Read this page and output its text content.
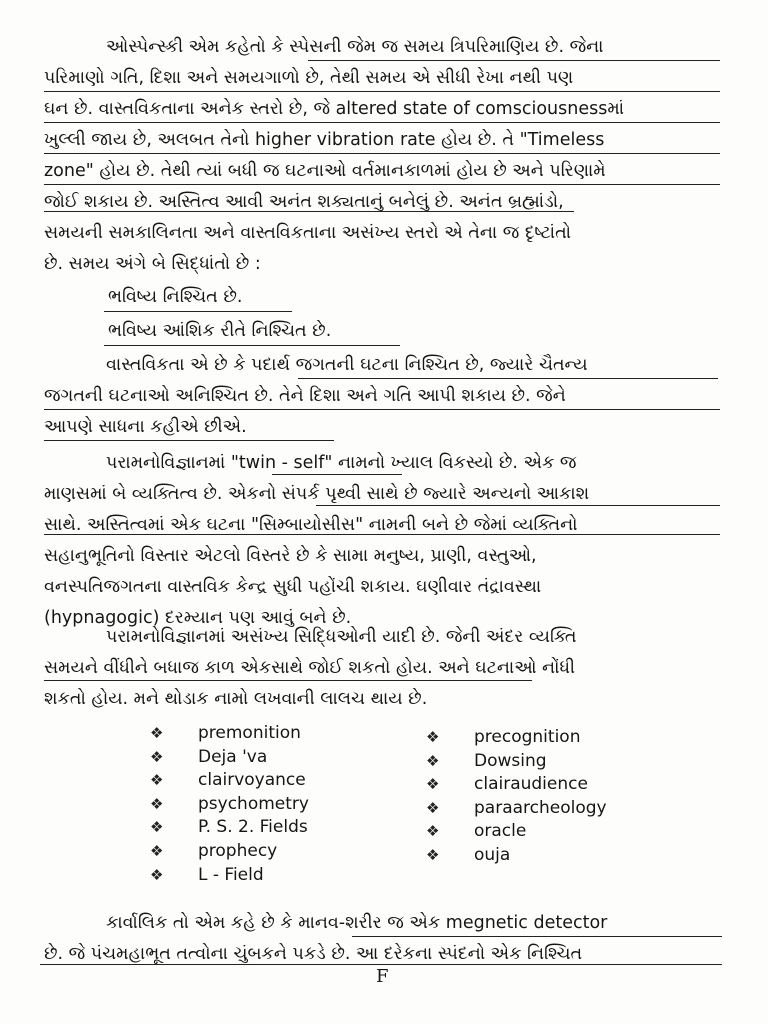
ઓસ્પેન્સ્કી એમ કહેતો કે સ્પેસની જેમ જ સમય ત્રિપરિમાણિય છે. જેના
પરિમાણો ગતિ, દિશા અને સમયગાળો છે, તેથી સમય એ સીધી રેખા નથી પણ
ઘન છે. વાસ્તવિકતાના અનેક સ્તરો છે, જે altered state of comsciousnessમાં
ખુલ્લી જાય છે, અલબત તેનો higher vibration rate હોય છે. તે "Timeless
zone" હોય છે. તેથી ત્યાં બધી જ ઘટનાઓ વર્તમાનકાળમાં હોય છે અને પરિણામે
જોઈ શકાય છે. અસ્તિત્વ આવી અનંત શક્યતાનું બનેલું છે. અનંત બ્રહ્માંડો,
સમયની સમકાલિનતા અને વાસ્તવિકતાના અસંખ્ય સ્તરો એ તેના જ દૃષ્ટાંતો
છે. સમય અંગે બે સિદ્ધાંતો છે :
ભવિષ્ય નિશ્ચિત છે.
ભવિષ્ય આંશિક રીતે નિશ્ચિત છે.
વાસ્તવિકતા એ છે કે પદાર્થ જગતની ઘટના નિશ્ચિત છે, જ્યારે ચૈતન્ય
જગતની ઘટનાઓ અનિશ્ચિત છે. તેને દિશા અને ગતિ આપી શકાય છે. જેને
આપણે સાધના કહીએ છીએ.
પરામનોવિજ્ઞાનમાં "twin - self" નામનો ખ્યાલ વિકસ્યો છે. એક જ
માણસમાં બે વ્યક્તિત્વ છે. એકનો સંપર્ક પૃથ્વી સાથે છે જ્યારે અન્યનો આકાશ
સાથે. અસ્તિત્વમાં એક ઘટના "સિમ્બાયોસીસ" નામની બને છે જેમાં વ્યક્તિનો
સહાનુભૂતિનો વિસ્તાર એટલો વિસ્તરે છે કે સામા મનુષ્ય, પ્રાણી, વસ્તુઓ,
વનસ્પતિજગતના વાસ્તવિક કેન્દ્ર સુધી પહોંચી શકાય. ઘણીવાર તંદ્રાવસ્થા
(hypnagogic) દરમ્યાન પણ આવું બને છે.
પરામનોવિજ્ઞાનમાં અસંખ્ય સિદ્ધિઓની યાદી છે. જેની અંદર વ્યક્તિ
સમયને વીંધીને બધાજ કાળ એકસાથે જોઈ શકતો હોય. અને ઘટનાઓ નોંધી
શકતો હોય. મને થોડાક નામો લખવાની લાલચ થાય છે.
❖	premonition
❖	Deja 'va
❖	clairvoyance
❖	psychometry
❖	P. S. 2. Fields
❖	prophecy
❖	L - Field
❖	precognition
❖	Dowsing
❖	clairaudience
❖	paraarcheology
❖	oracle
❖	ouja
કાર્વાલિક તો એમ કહે છે કે માનવ-શરીર જ એક megnetic detector
છે. જે પંચમહાભૂત તત્વોના ચુંબકને પકડે છે. આ દરેકના સ્પંદનો એક નિશ્ચિત
F
